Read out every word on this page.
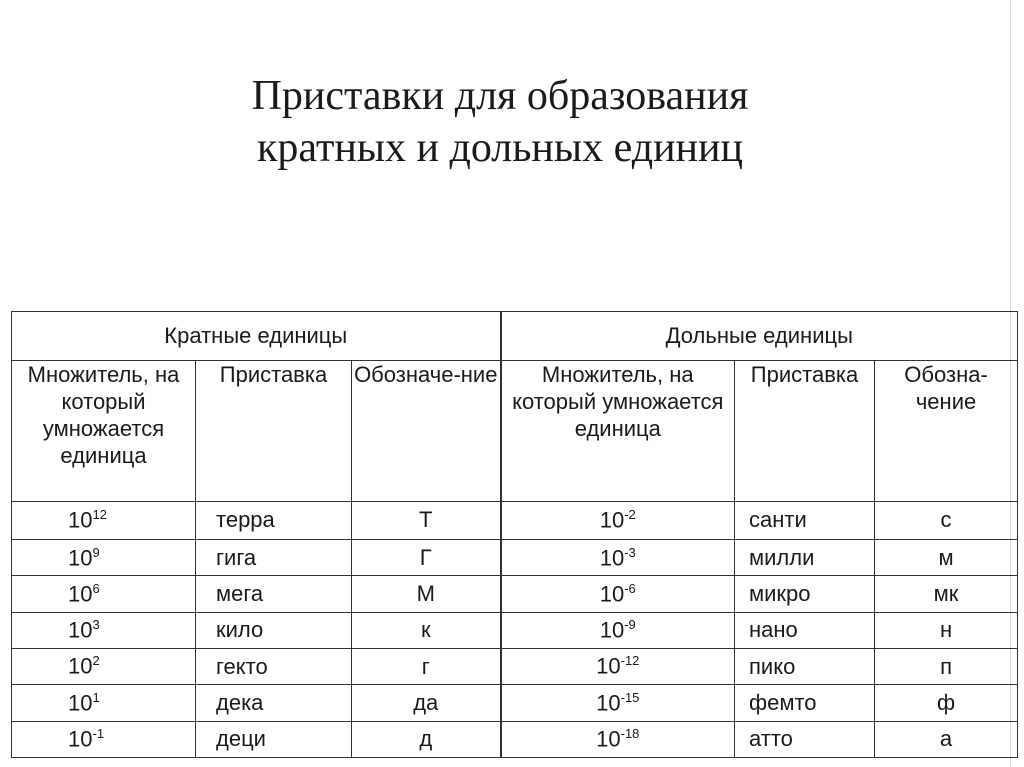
Приставки для образования
кратных и дольных единиц
Кратные единицы			Дольные единицы		
Множитель, на который умножается единица	Приставка	Обозначе-ние	Множитель, на который умножается единица	Приставка	Обозна-чение
$10^{12}$	терра	Т	$10^{-2}$	санти	с
$10^9$	гига	Г	$10^{-3}$	милли	м
$10^6$	мега	М	$10^{-6}$	микро	мк
$10^3$	кило	к	$10^{-9}$	нано	н
$10^2$	гекто	г	$10^{-12}$	пико	п
$10^1$	дека	да	$10^{-15}$	фемто	ф
$10^{-1}$	деци	д	$10^{-18}$	атто	а
